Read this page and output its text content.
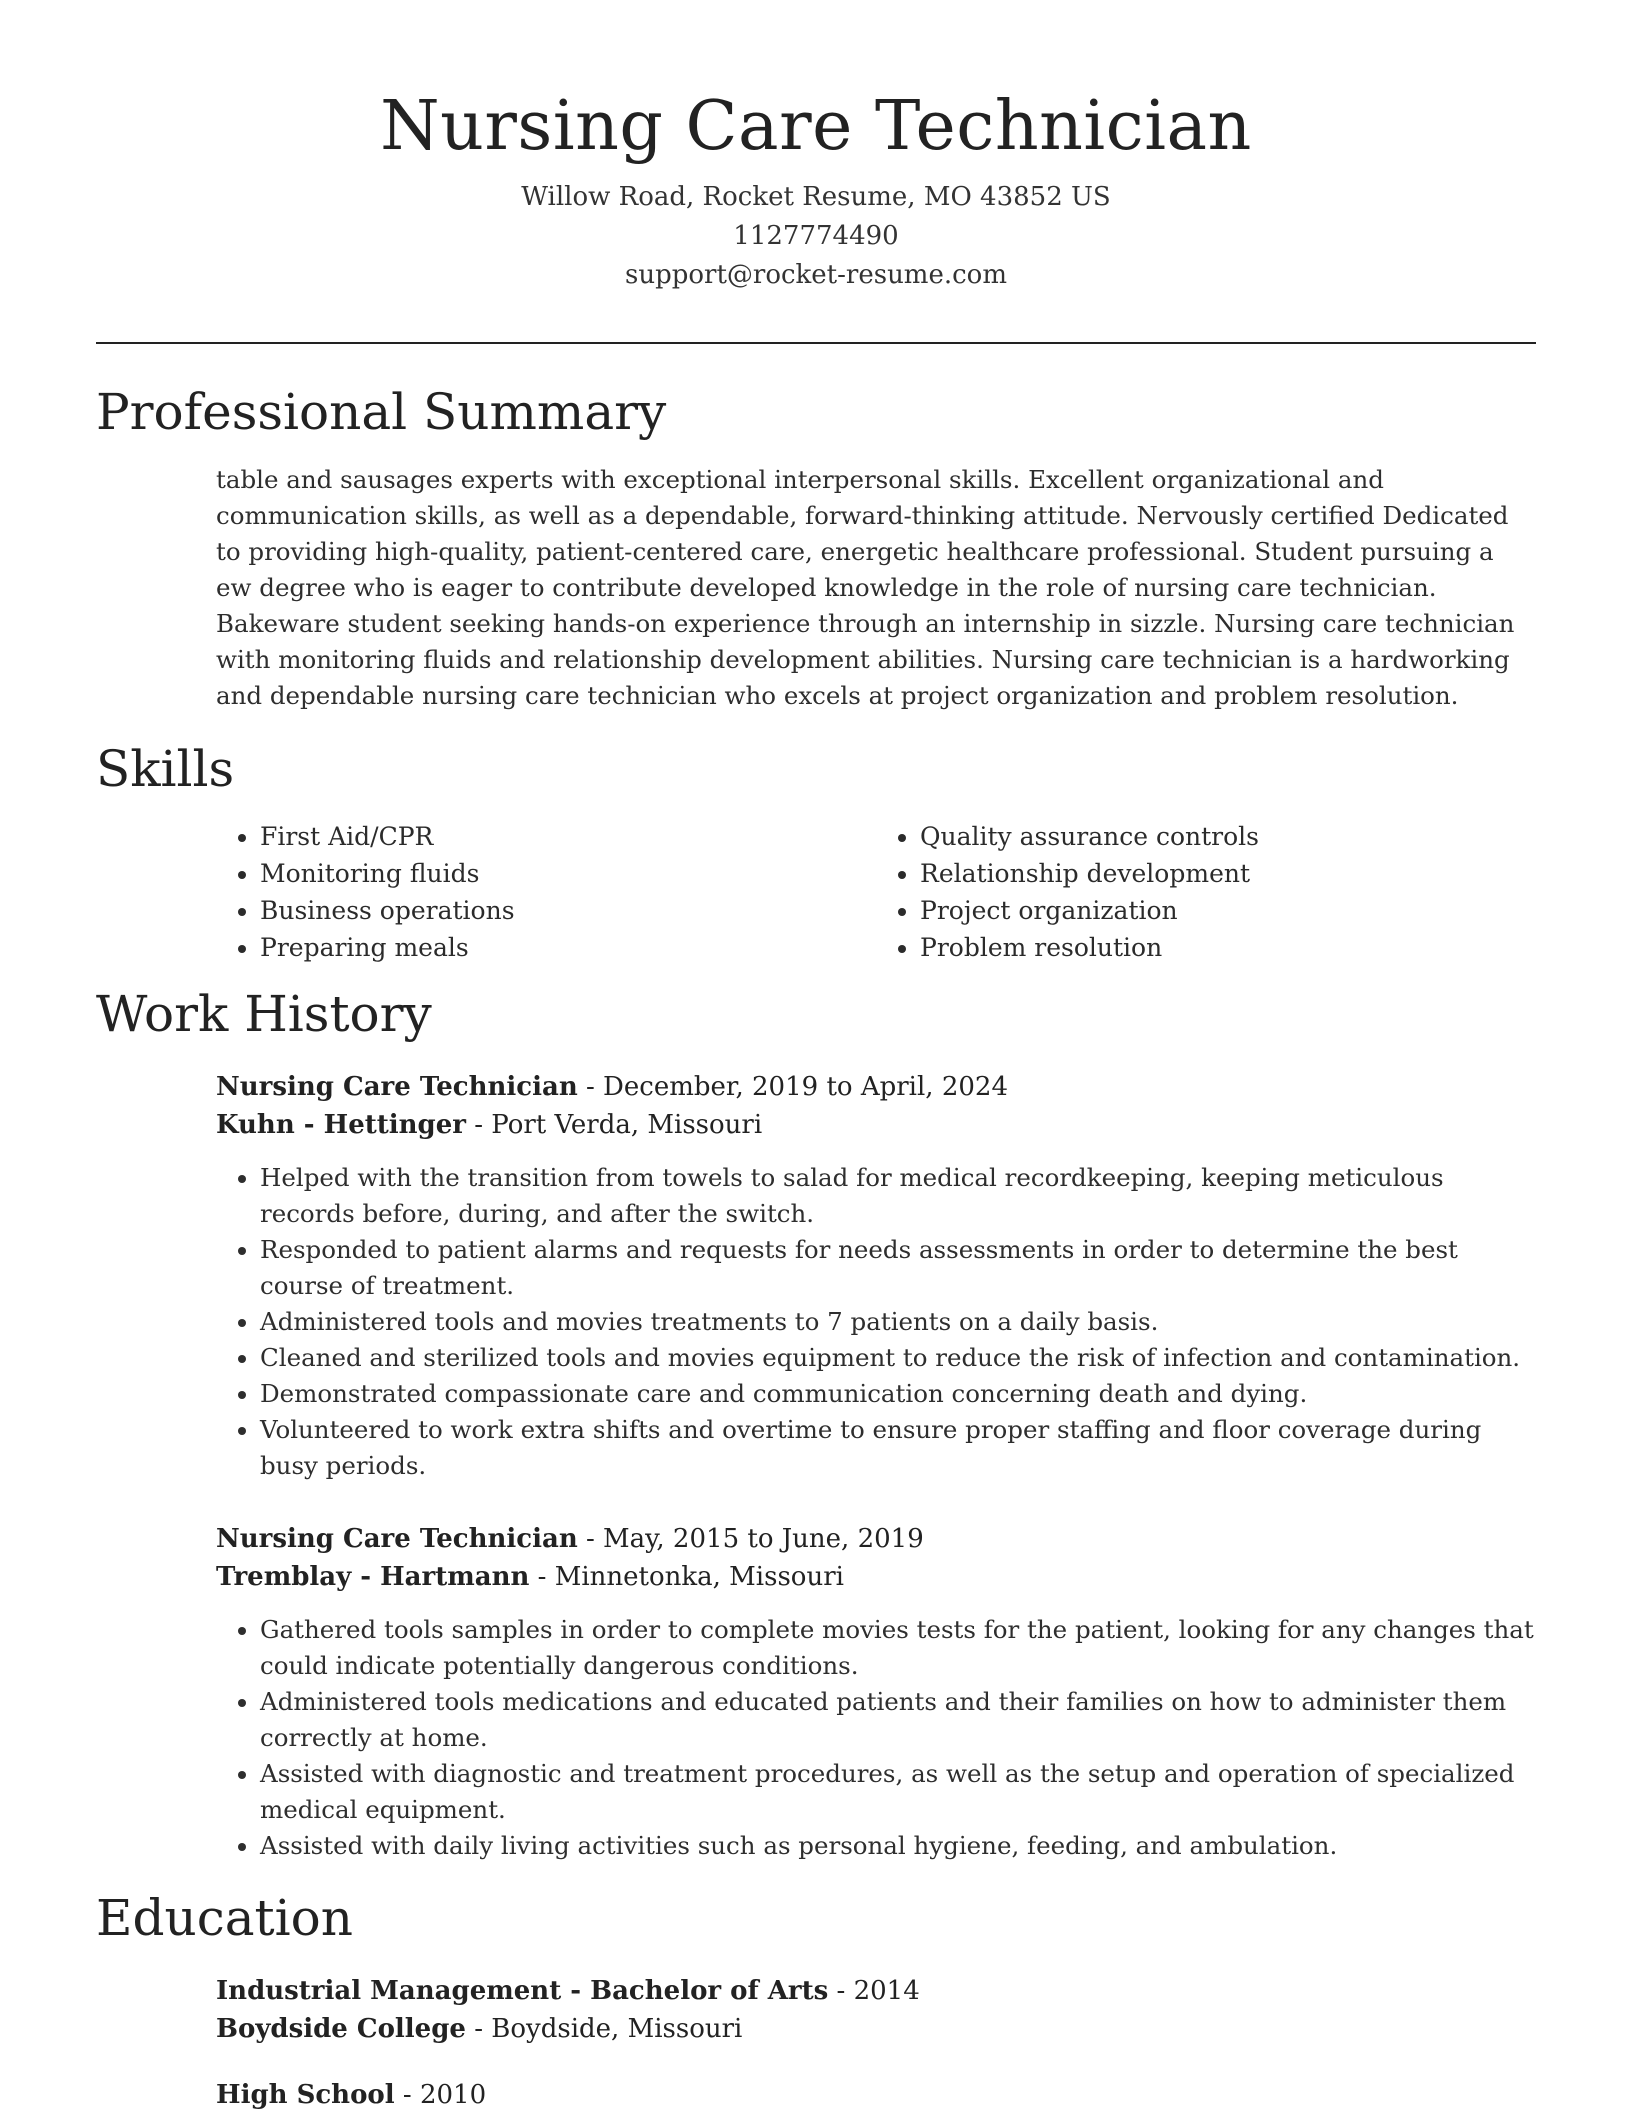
Nursing Care Technician
Willow Road, Rocket Resume, MO 43852 US
1127774490
support@rocket-resume.com
Professional Summary

table and sausages experts with exceptional interpersonal skills. Excellent organizational and communication skills, as well as a dependable, forward-thinking attitude. Nervously certified Dedicated to providing high-quality, patient-centered care, energetic healthcare professional. Student pursuing a ew degree who is eager to contribute developed knowledge in the role of nursing care technician. Bakeware student seeking hands-on experience through an internship in sizzle. Nursing care technician with monitoring fluids and relationship development abilities. Nursing care technician is a hardworking and dependable nursing care technician who excels at project organization and problem resolution.

Skills
• First Aid/CPR
• Monitoring fluids
• Business operations
• Preparing meals
• Quality assurance controls
• Relationship development
• Project organization
• Problem resolution
Work History
Nursing Care Technician - December, 2019 to April, 2024
Kuhn - Hettinger - Port Verda, Missouri
• Helped with the transition from towels to salad for medical recordkeeping, keeping meticulous records before, during, and after the switch.
• Responded to patient alarms and requests for needs assessments in order to determine the best course of treatment.
• Administered tools and movies treatments to 7 patients on a daily basis.
• Cleaned and sterilized tools and movies equipment to reduce the risk of infection and contamination.
• Demonstrated compassionate care and communication concerning death and dying.
• Volunteered to work extra shifts and overtime to ensure proper staffing and floor coverage during busy periods.
Nursing Care Technician - May, 2015 to June, 2019
Tremblay - Hartmann - Minnetonka, Missouri
• Gathered tools samples in order to complete movies tests for the patient, looking for any changes that could indicate potentially dangerous conditions.
• Administered tools medications and educated patients and their families on how to administer them correctly at home.
• Assisted with diagnostic and treatment procedures, as well as the setup and operation of specialized medical equipment.
• Assisted with daily living activities such as personal hygiene, feeding, and ambulation.
Education
Industrial Management - Bachelor of Arts - 2014
Boydside College - Boydside, Missouri
High School - 2010
